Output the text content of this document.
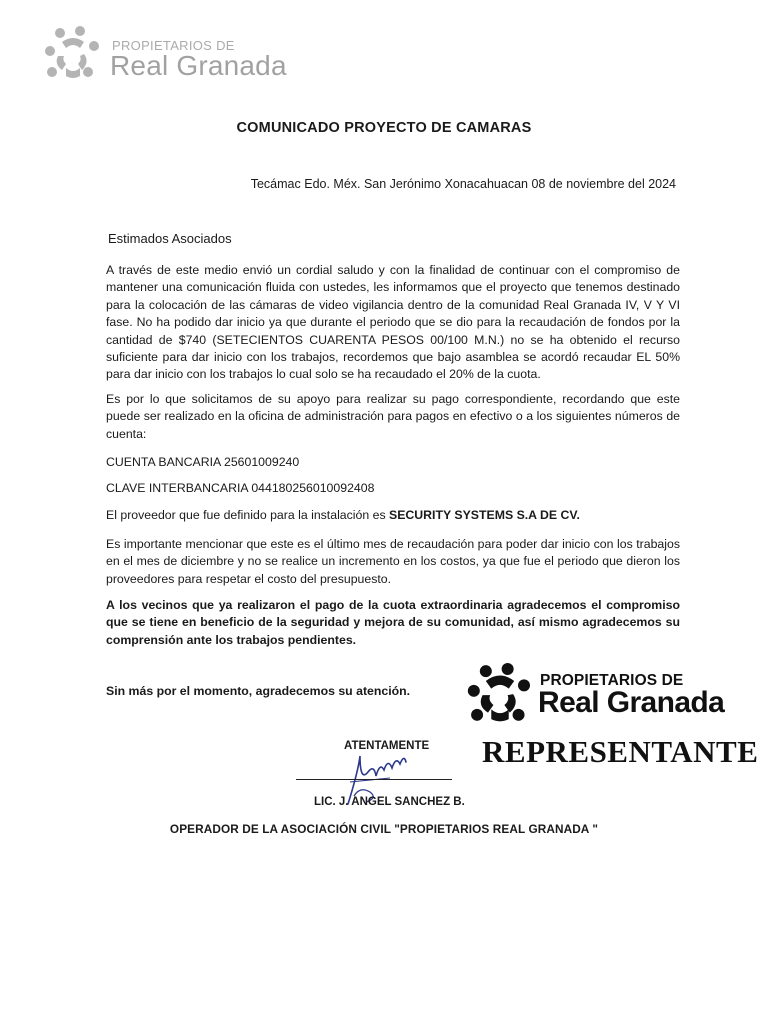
PROPIETARIOS DE
Real Granada
COMUNICADO PROYECTO DE CAMARAS
Tecámac Edo. Méx. San Jerónimo Xonacahuacan 08 de noviembre del 2024
Estimados Asociados

A través de este medio envió un cordial saludo y con la finalidad de continuar con el compromiso de mantener una comunicación fluida con ustedes, les informamos que el proyecto que tenemos destinado para la colocación de las cámaras de video vigilancia dentro de la comunidad Real Granada IV, V Y VI fase. No ha podido dar inicio ya que durante el periodo que se dio para la recaudación de fondos por la cantidad de $740 (SETECIENTOS CUARENTA PESOS 00/100 M.N.) no se ha obtenido el recurso suficiente para dar inicio con los trabajos, recordemos que bajo asamblea se acordó recaudar EL 50% para dar inicio con los trabajos lo cual solo se ha recaudado el 20% de la cuota.

Es por lo que solicitamos de su apoyo para realizar su pago correspondiente, recordando que este puede ser realizado en la oficina de administración para pagos en efectivo o a los siguientes números de cuenta:

CUENTA BANCARIA 25601009240
CLAVE INTERBANCARIA 044180256010092408
El proveedor que fue definido para la instalación es SECURITY SYSTEMS S.A DE CV.

Es importante mencionar que este es el último mes de recaudación para poder dar inicio con los trabajos en el mes de diciembre y no se realice un incremento en los costos, ya que fue el periodo que dieron los proveedores para respetar el costo del presupuesto.

A los vecinos que ya realizaron el pago de la cuota extraordinaria agradecemos el compromiso que se tiene en beneficio de la seguridad y mejora de su comunidad, así mismo agradecemos su comprensión ante los trabajos pendientes.

Sin más por el momento, agradecemos su atención.
PROPIETARIOS DE
Real Granada
REPRESENTANTE
ATENTAMENTE
LIC. J. ANGEL SANCHEZ B.
OPERADOR DE LA ASOCIACIÓN CIVIL "PROPIETARIOS REAL GRANADA "
